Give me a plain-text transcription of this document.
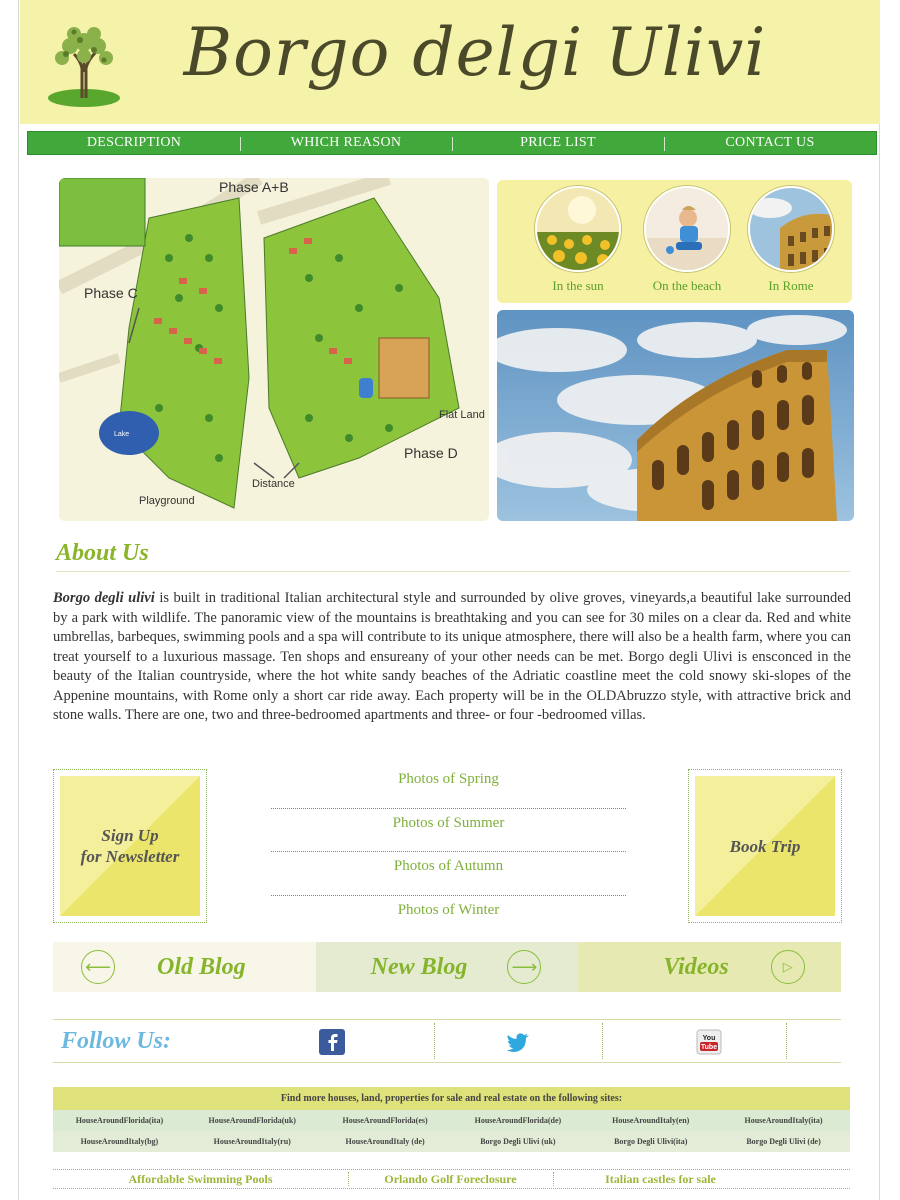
Borgo delgi Ulivi
DESCRIPTION	WHICH REASON	PRICE LIST	CONTACT US
Phase A+B
Phase C
Phase D
Flat Land
Distance
Playground
Lake
In the sun	On the beach	In Rome
About Us
Borgo degli ulivi is built in traditional Italian architectural style and surrounded by olive groves, vineyards,a beautiful lake surrounded by a park with wildlife. The panoramic view of the mountains is breathtaking and you can see for 30 miles on a clear da. Red and white umbrellas, barbeques, swimming pools and a spa will contribute to its unique atmosphere, there will also be a health farm, where you can treat yourself to a luxurious massage. Ten shops and ensureany of your other needs can be met. Borgo degli Ulivi is ensconced in the beauty of the Italian countryside, where the hot white sandy beaches of the Adriatic coastline meet the cold snowy ski-slopes of the Appenine mountains, with Rome only a short car ride away. Each property will be in the OLDAbruzzo style, with attractive brick and stone walls. There are one, two and three-bedroomed apartments and three- or four -bedroomed villas.
Sign Up
for Newsletter
Photos of Spring
Photos of Summer
Photos of Autumn
Photos of Winter
Book Trip
⟵ Old Blog	New Blog ⟶	Videos	▷
Follow Us:	You
Tube
Find more houses, land, properties for sale and real estate on the following sites:
HouseAroundFlorida(ita)	HouseAroundFlorida(uk)	HouseAroundFlorida(es)	HouseAroundFlorida(de)	HouseAroundItaly(en)	HouseAroundItaly(ita)
HouseAroundItaly(bg)	HouseAroundItaly(ru)	HouseAroundItaly (de)	Borgo Degli Ulivi (uk)	Borgo Degli Ulivi(ita)	Borgo Degli Ulivi (de)
Affordable Swimming Pools	Orlando Golf Foreclosure	Italian castles for sale
